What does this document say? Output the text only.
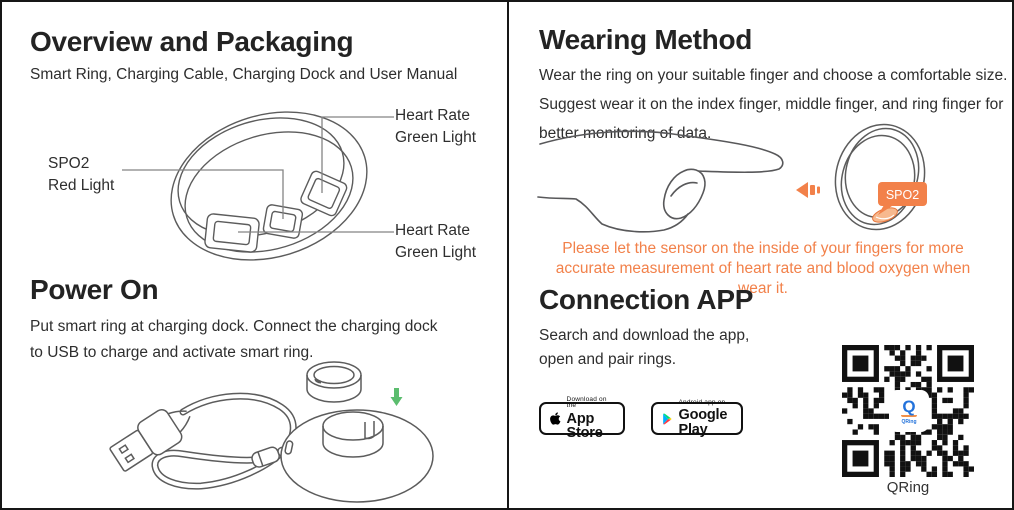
Overview and Packaging
Smart Ring, Charging Cable, Charging Dock and User Manual
Heart Rate
Green Light
SPO2
Red Light
Heart Rate
Green Light
Power On
Put smart ring at charging dock. Connect the charging dock
to USB to charge and activate smart ring.
Wearing Method
Wear the ring on your suitable finger and choose a comfortable size.
Suggest wear it on the index finger, middle finger, and ring finger for
better monitoring of data.
SPO2
Please let the sensor on the inside of your fingers for more
accurate measurement of heart rate and blood oxygen when wear it.
Connection APP
Search and download the app,
open and pair rings.
Download on the
App Store
Android app on
Google Play
Q
QRing
QRing
